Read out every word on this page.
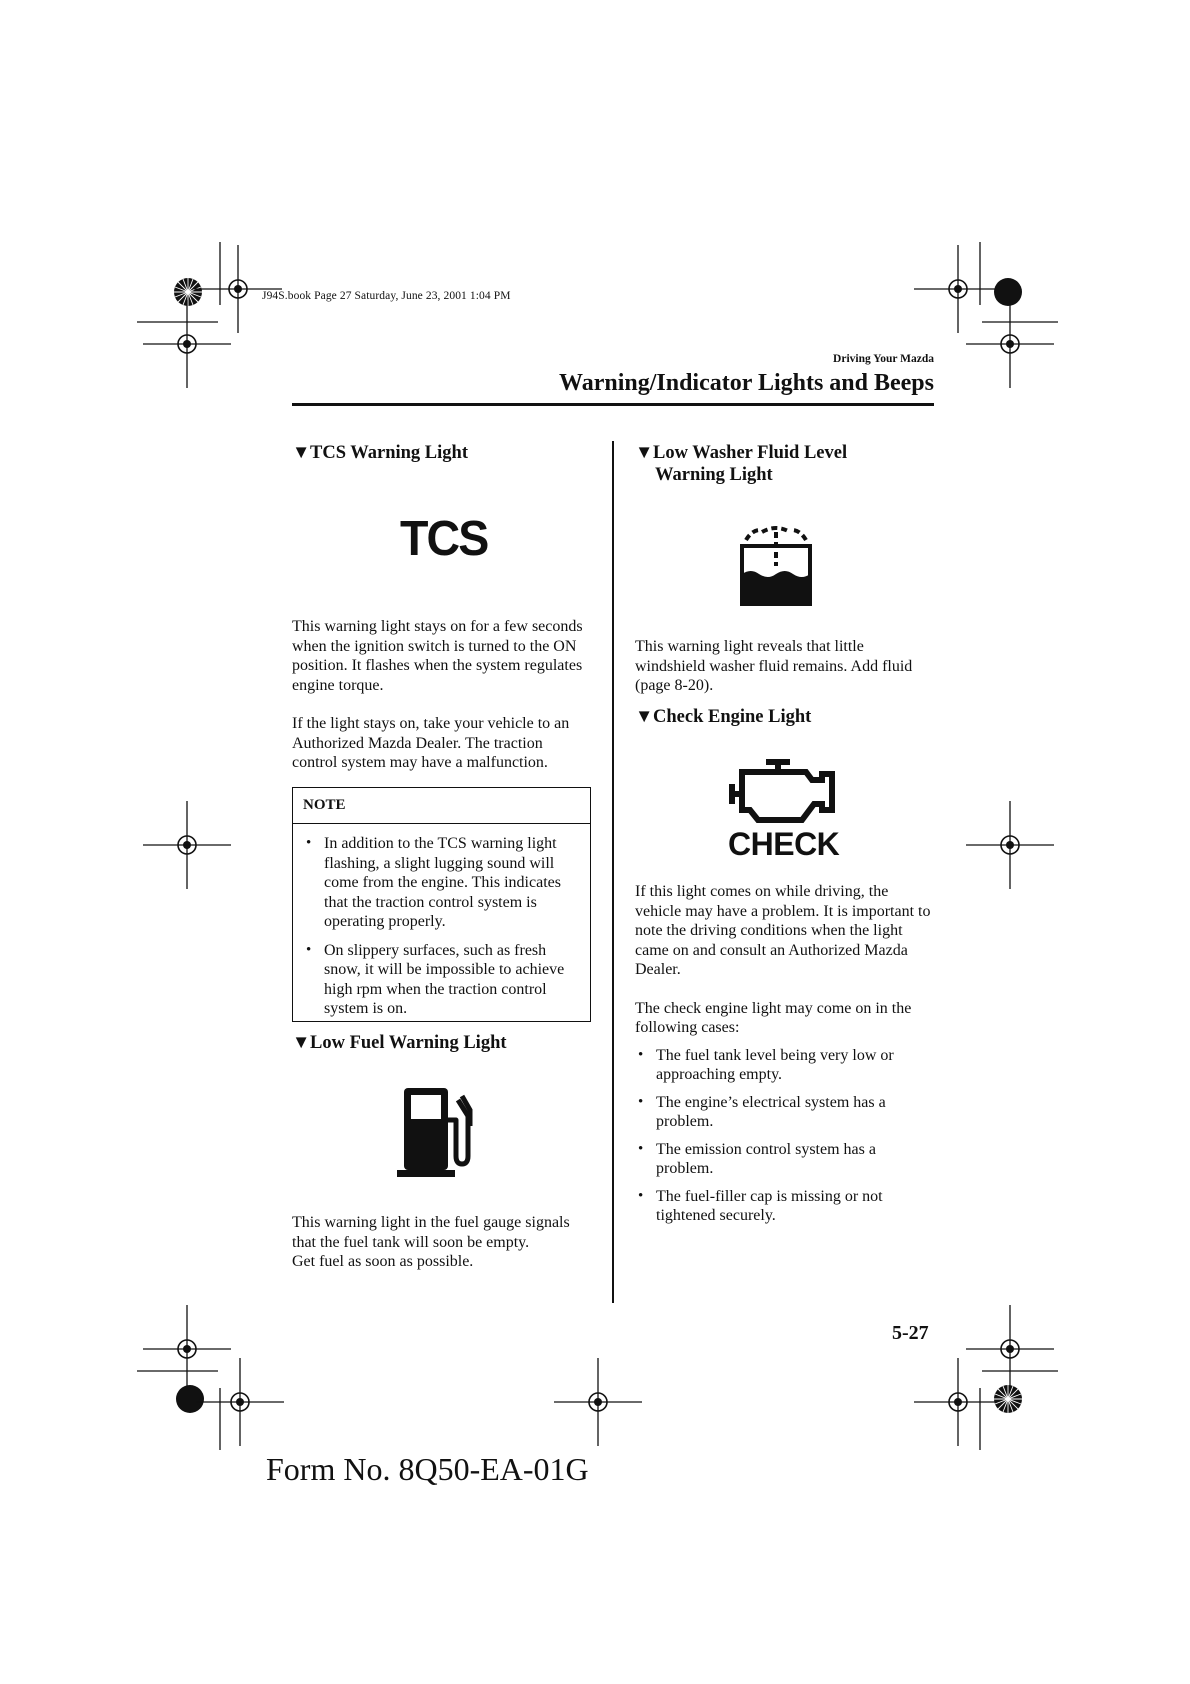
J94S.book Page 27 Saturday, June 23, 2001 1:04 PM
Driving Your Mazda
Warning/Indicator Lights and Beeps
▼TCS Warning Light
TCS

This warning light stays on for a few seconds when the ignition switch is turned to the ON position. It flashes when the system regulates engine torque.

If the light stays on, take your vehicle to an Authorized Mazda Dealer. The traction control system may have a malfunction.

NOTE
• In addition to the TCS warning light flashing, a slight lugging sound will come from the engine. This indicates that the traction control system is operating properly.
• On slippery surfaces, such as fresh snow, it will be impossible to achieve high rpm when the traction control system is on.
▼Low Fuel Warning Light

This warning light in the fuel gauge signals that the fuel tank will soon be empty.

Get fuel as soon as possible.

▼Low Washer Fluid Level
Warning Light

This warning light reveals that little windshield washer fluid remains. Add fluid (page 8-20).

▼Check Engine Light
CHECK

If this light comes on while driving, the vehicle may have a problem. It is important to note the driving conditions when the light came on and consult an Authorized Mazda Dealer.

The check engine light may come on in the following cases:

• The fuel tank level being very low or approaching empty.
• The engine’s electrical system has a problem.
• The emission control system has a problem.
• The fuel-filler cap is missing or not tightened securely.
5-27
Form No. 8Q50-EA-01G
